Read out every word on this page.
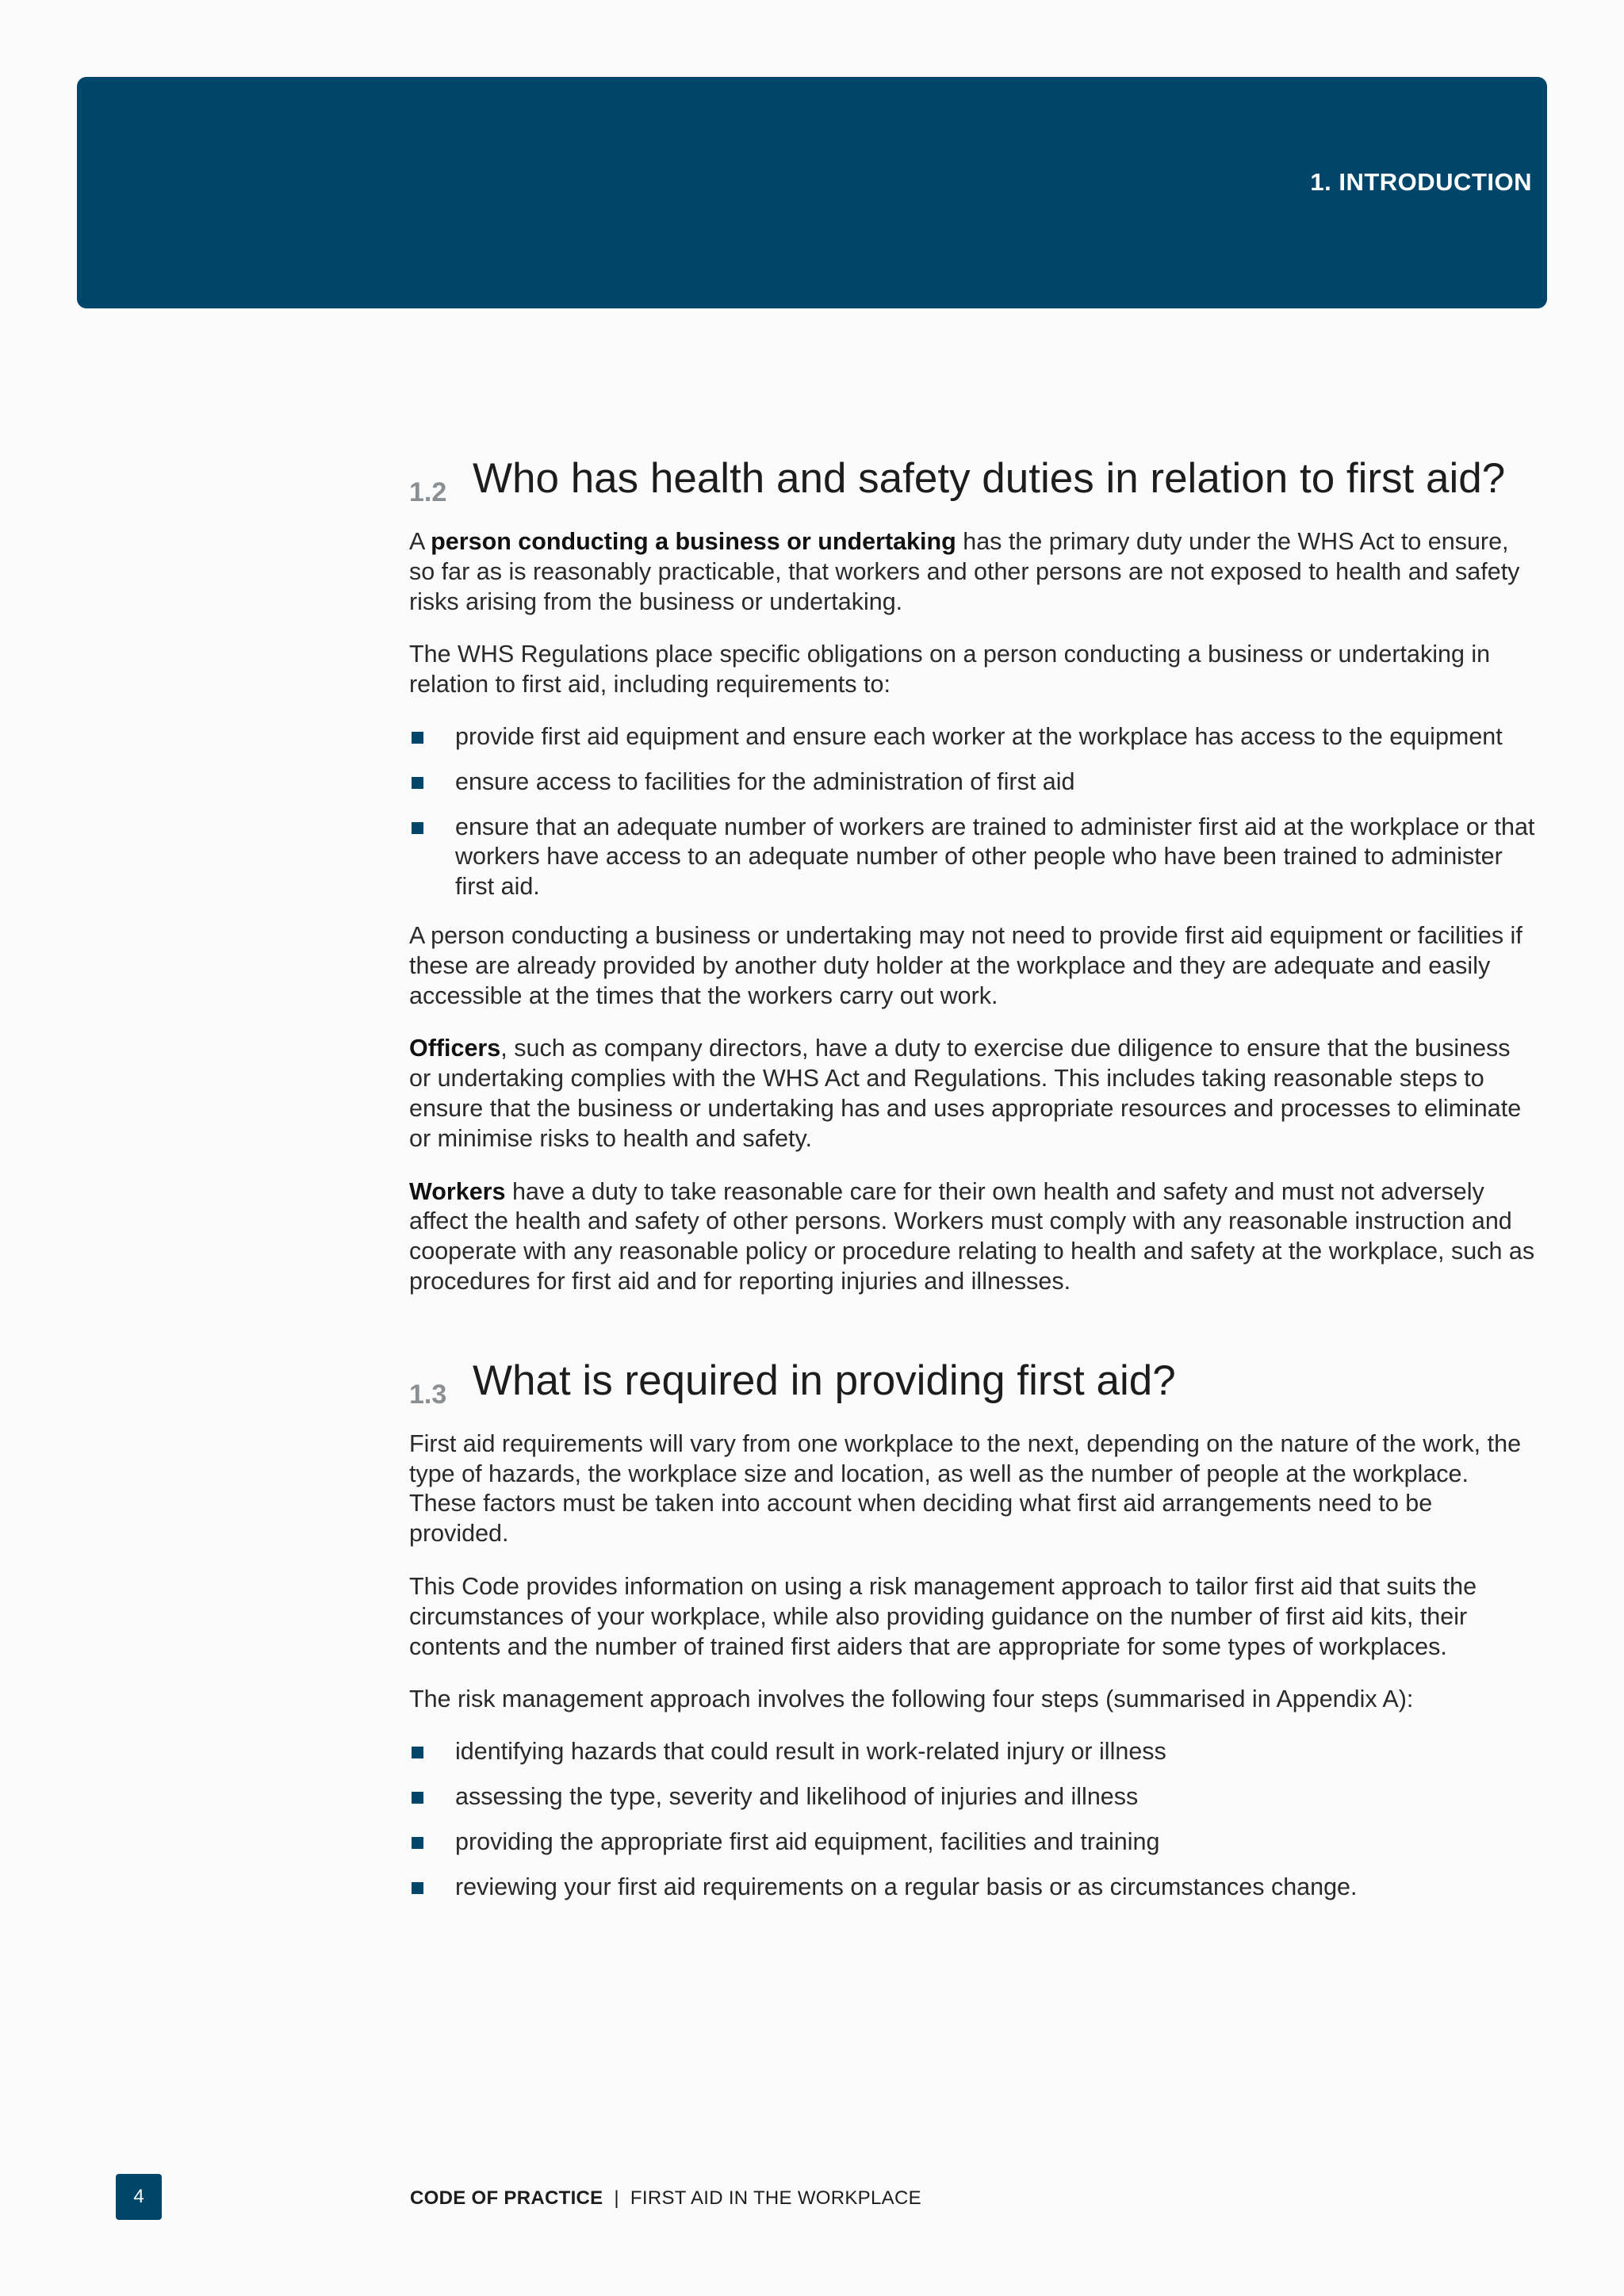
1. INTRODUCTION
1.2 Who has health and safety duties in relation to first aid?

A person conducting a business or undertaking has the primary duty under the WHS Act to ensure, so far as is reasonably practicable, that workers and other persons are not exposed to health and safety risks arising from the business or undertaking.

The WHS Regulations place specific obligations on a person conducting a business or undertaking in relation to first aid, including requirements to:

provide first aid equipment and ensure each worker at the workplace has access to the equipment
ensure access to facilities for the administration of first aid
ensure that an adequate number of workers are trained to administer first aid at the workplace or that workers have access to an adequate number of other people who have been trained to administer first aid.

A person conducting a business or undertaking may not need to provide first aid equipment or facilities if these are already provided by another duty holder at the workplace and they are adequate and easily accessible at the times that the workers carry out work.

Officers, such as company directors, have a duty to exercise due diligence to ensure that the business or undertaking complies with the WHS Act and Regulations. This includes taking reasonable steps to ensure that the business or undertaking has and uses appropriate resources and processes to eliminate or minimise risks to health and safety.

Workers have a duty to take reasonable care for their own health and safety and must not adversely affect the health and safety of other persons. Workers must comply with any reasonable instruction and cooperate with any reasonable policy or procedure relating to health and safety at the workplace, such as procedures for first aid and for reporting injuries and illnesses.

1.3 What is required in providing first aid?

First aid requirements will vary from one workplace to the next, depending on the nature of the work, the type of hazards, the workplace size and location, as well as the number of people at the workplace. These factors must be taken into account when deciding what first aid arrangements need to be provided.

This Code provides information on using a risk management approach to tailor first aid that suits the circumstances of your workplace, while also providing guidance on the number of first aid kits, their contents and the number of trained first aiders that are appropriate for some types of workplaces.

The risk management approach involves the following four steps (summarised in Appendix A):

identifying hazards that could result in work-related injury or illness
assessing the type, severity and likelihood of injuries and illness
providing the appropriate first aid equipment, facilities and training
reviewing your first aid requirements on a regular basis or as circumstances change.
4	CODE OF PRACTICE | FIRST AID IN THE WORKPLACE
